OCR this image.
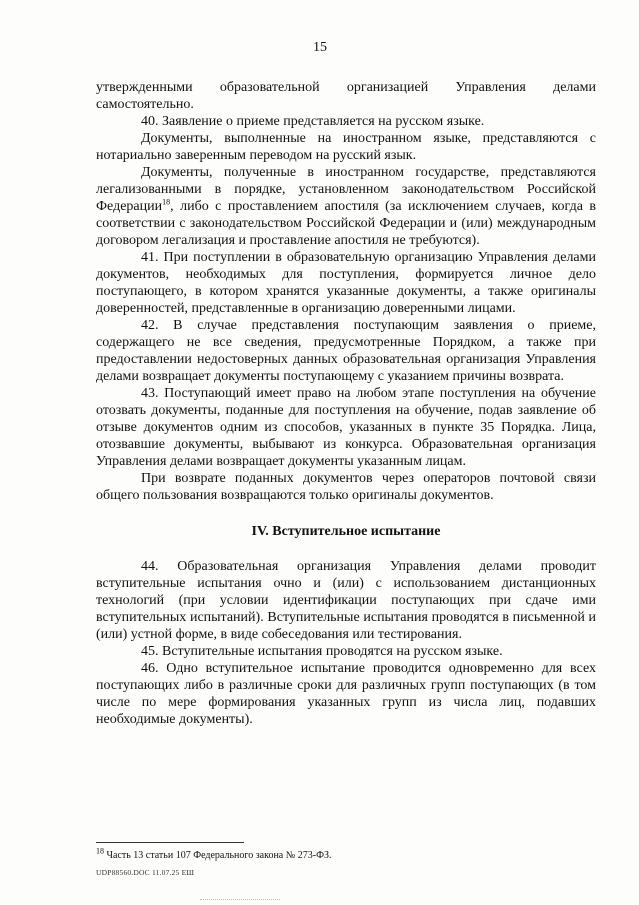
15

утвержденными образовательной организацией Управления делами самостоятельно.

40. Заявление о приеме представляется на русском языке.

Документы, выполненные на иностранном языке, представляются с нотариально заверенным переводом на русский язык.

Документы, полученные в иностранном государстве, представляются легализованными в порядке, установленном законодательством Российской Федерации$^{18}$, либо с проставлением апостиля (за исключением случаев, когда в соответствии с законодательством Российской Федерации и (или) международным договором легализация и проставление апостиля не требуются).

41. При поступлении в образовательную организацию Управления делами документов, необходимых для поступления, формируется личное дело поступающего, в котором хранятся указанные документы, а также оригиналы доверенностей, представленные в организацию доверенными лицами.

42. В случае представления поступающим заявления о приеме, содержащего не все сведения, предусмотренные Порядком, а также при предоставлении недостоверных данных образовательная организация Управления делами возвращает документы поступающему с указанием причины возврата.

43. Поступающий имеет право на любом этапе поступления на обучение отозвать документы, поданные для поступления на обучение, подав заявление об отзыве документов одним из способов, указанных в пункте 35 Порядка. Лица, отозвавшие документы, выбывают из конкурса. Образовательная организация Управления делами возвращает документы указанным лицам.

При возврате поданных документов через операторов почтовой связи общего пользования возвращаются только оригиналы документов.

IV. Вступительное испытание

44. Образовательная организация Управления делами проводит вступительные испытания очно и (или) с использованием дистанционных технологий (при условии идентификации поступающих при сдаче ими вступительных испытаний). Вступительные испытания проводятся в письменной и (или) устной форме, в виде собеседования или тестирования.

45. Вступительные испытания проводятся на русском языке.

46. Одно вступительное испытание проводится одновременно для всех поступающих либо в различные сроки для различных групп поступающих (в том числе по мере формирования указанных групп из числа лиц, подавших необходимые документы).

$^{18}$ Часть 13 статьи 107 Федерального закона № 273-ФЗ.
UDP88560.DOC 11.07.25 ЕШ
